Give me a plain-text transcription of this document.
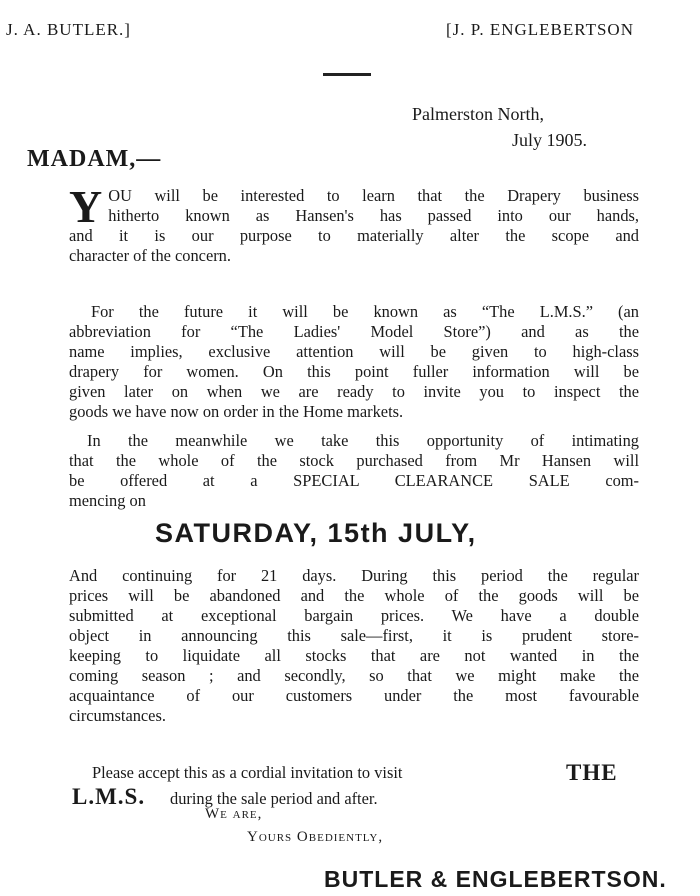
J. A. BUTLER.]	[J. P. ENGLEBERTSON
Palmerston North,
July 1905.
MADAM,—
Y OU will be interested to learn that the Drapery business
hitherto known as Hansen's has passed into our hands,
and it is our purpose to materially alter the scope and
character of the concern.
For the future it will be known as “The L.M.S.” (an
abbreviation for “The Ladies' Model Store”) and as the
name implies, exclusive attention will be given to high-class
drapery for women. On this point fuller information will be
given later on when we are ready to invite you to inspect the
goods we have now on order in the Home markets.
In the meanwhile we take this opportunity of intimating
that the whole of the stock purchased from Mr Hansen will
be offered at a SPECIAL CLEARANCE SALE com-
mencing on
SATURDAY, 15th JULY,
And continuing for 21 days. During this period the regular
prices will be abandoned and the whole of the goods will be
submitted at exceptional bargain prices. We have a double
object in announcing this sale—first, it is prudent store-
keeping to liquidate all stocks that are not wanted in the
coming season ; and secondly, so that we might make the
acquaintance of our customers under the most favourable
circumstances.
Please accept this as a cordial invitation to visit	THE
L.M.S. during the sale period and after.
We are,
Yours Obediently,
BUTLER & ENGLEBERTSON.
